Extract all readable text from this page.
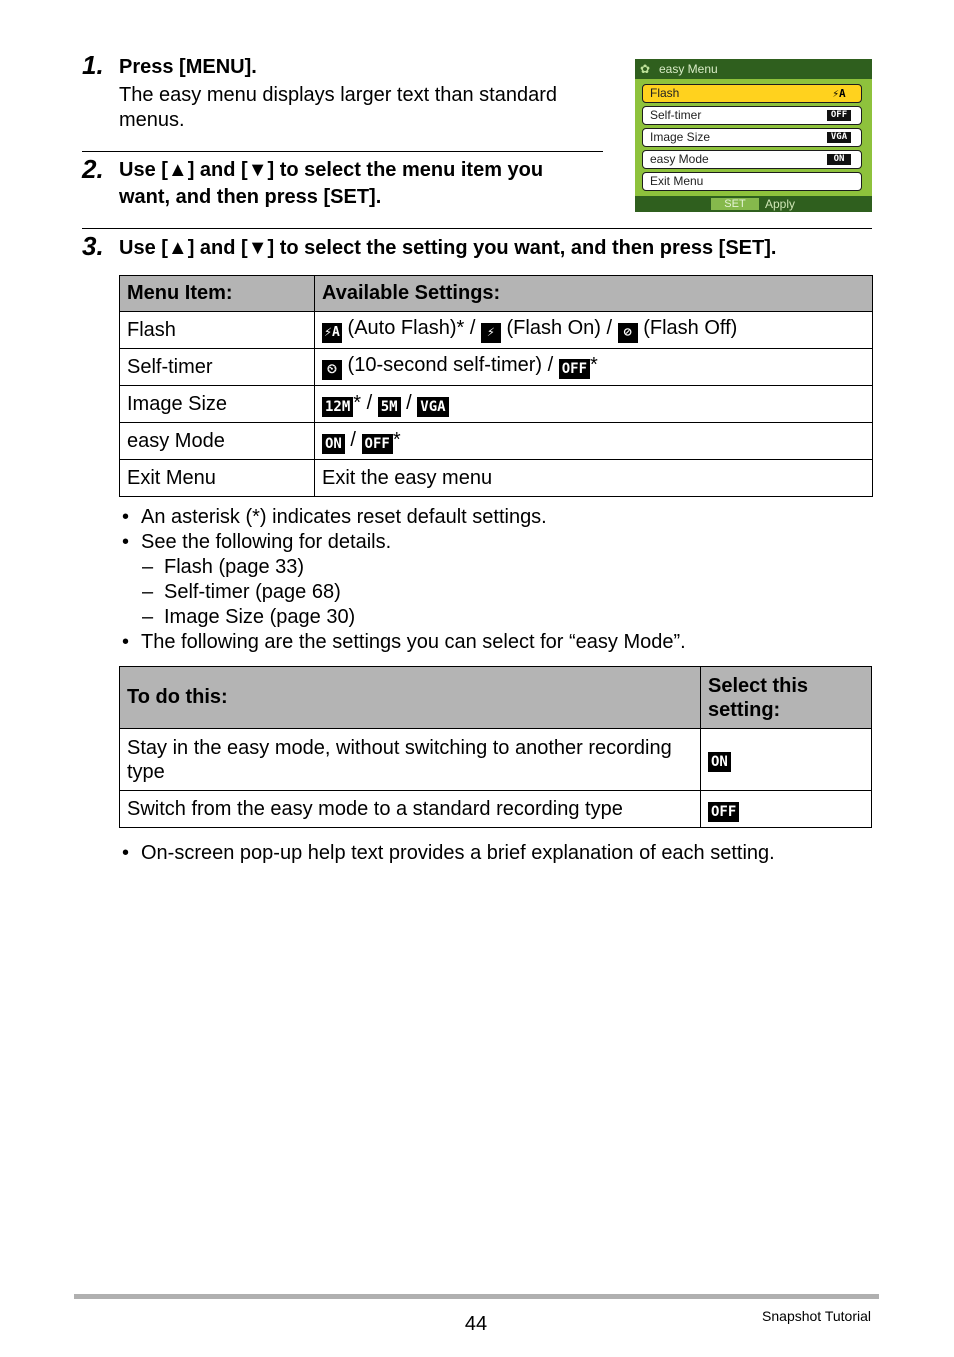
1. Press [MENU].
The easy menu displays larger text than standard menus.
2. Use [▲] and [▼] to select the menu item you
want, and then press [SET].
✿ easy Menu
Flash	⚡A
Self-timer	OFF
Image Size	VGA
easy Mode	ON
Exit Menu
SET	Apply
3. Use [▲] and [▼] to select the setting you want, and then press [SET].
Menu Item:	Available Settings:
Flash	⚡A (Auto Flash)* / ⚡ (Flash On) / ⊘ (Flash Off)
Self-timer	⏲ (10-second self-timer) / OFF *
Image Size	12M * / 5M / VGA
easy Mode	ON / OFF *
Exit Menu	Exit the easy menu
• An asterisk (*) indicates reset default settings.
• See the following for details.
– Flash (page 33)
– Self-timer (page 68)
– Image Size (page 30)
• The following are the settings you can select for “easy Mode”.
To do this:	Select this setting:
Stay in the easy mode, without switching to another recording type	ON
Switch from the easy mode to a standard recording type	OFF
• On-screen pop-up help text provides a brief explanation of each setting.
44	Snapshot Tutorial
